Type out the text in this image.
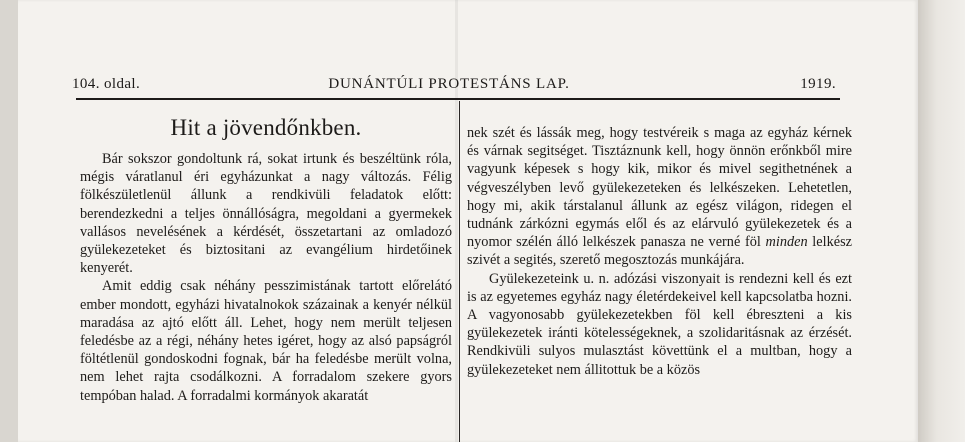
104. oldal.	DUNÁNTÚLI PROTESTÁNS LAP.	1919.
Hit a jövendőnkben.

Bár sokszor gondoltunk rá, sokat irtunk és beszéltünk róla, mégis váratlanul éri egyházunkat a nagy változás. Félig fölkészületlenül állunk a rendkivüli feladatok előtt: berendezkedni a teljes önnállóságra, megoldani a gyermekek vallásos nevelésének a kérdését, összetartani az omladozó gyülekezeteket és biztositani az evangélium hirdetőinek kenyerét.

Amit eddig csak néhány pesszimistának tartott előrelátó ember mondott, egyházi hivatalnokok százainak a kenyér nélkül maradása az ajtó előtt áll. Lehet, hogy nem merült teljesen feledésbe az a régi, néhány hetes igéret, hogy az alsó papságról föltétlenül gondoskodni fognak, bár ha feledésbe merült volna, nem lehet rajta csodálkozni. A forradalom szekere gyors tempóban halad. A forradalmi kormányok akaratát

nek szét és lássák meg, hogy testvéreik s maga az egyház kérnek és várnak segitséget. Tisztáznunk kell, hogy önnön erőnkből mire vagyunk képesek s hogy kik, mikor és mivel segithetnének a végveszélyben levő gyülekezeteken és lelkészeken. Lehetetlen, hogy mi, akik társtalanul állunk az egész világon, ridegen el tudnánk zárkózni egymás elől és az elárvuló gyülekezetek és a nyomor szélén álló lelkészek panasza ne verné föl minden lelkész szivét a segités, szerető megosztozás munkájára.

Gyülekezeteink u. n. adózási viszonyait is rendezni kell és ezt is az egyetemes egyház nagy életérdekeivel kell kapcsolatba hozni. A vagyonosabb gyülekezetekben föl kell ébreszteni a kis gyülekezetek iránti kötelességeknek, a szolidaritásnak az érzését. Rendkivüli sulyos mulasztást követtünk el a multban, hogy a gyülekezeteket nem állitottuk be a közös
